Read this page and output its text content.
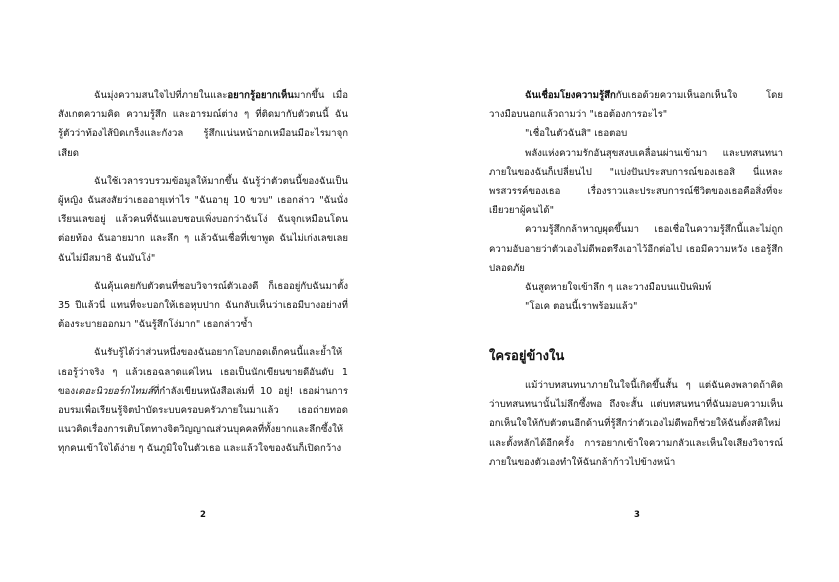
ฉันมุ่งความสนใจไปที่ภายในและอยากรู้อยากเห็นมากขึ้น เมื่อสังเกตความคิด ความรู้สึก และอารมณ์ต่าง ๆ ที่ติดมากับตัวตนนี้ ฉันรู้ตัวว่าท้องไส้บิดเกร็งและกังวล รู้สึกแน่นหน้าอกเหมือนมีอะไรมาจุกเสียด

ฉันใช้เวลารวบรวมข้อมูลให้มากขึ้น ฉันรู้ว่าตัวตนนี้ของฉันเป็นผู้หญิง ฉันสงสัยว่าเธออายุเท่าไร "ฉันอายุ 10 ขวบ" เธอกล่าว "ฉันนั่งเรียนเลขอยู่ แล้วคนที่ฉันแอบชอบเพิ่งบอกว่าฉันโง่ ฉันจุกเหมือนโดนต่อยท้อง ฉันอายมาก และลึก ๆ แล้วฉันเชื่อที่เขาพูด ฉันไม่เก่งเลขเลย ฉันไม่มีสมาธิ ฉันมันโง่"

ฉันคุ้นเคยกับตัวตนที่ชอบวิจารณ์ตัวเองดี ก็เธออยู่กับฉันมาตั้ง 35 ปีแล้วนี่ แทนที่จะบอกให้เธอหุบปาก ฉันกลับเห็นว่าเธอมีบางอย่างที่ต้องระบายออกมา "ฉันรู้สึกโง่มาก" เธอกล่าวซ้ำ

ฉันรับรู้ได้ว่าส่วนหนึ่งของฉันอยากโอบกอดเด็กคนนี้และย้ำให้เธอรู้ว่าจริง ๆ แล้วเธอฉลาดแค่ไหน เธอเป็นนักเขียนขายดีอันดับ 1 ของเดอะนิวยอร์กไทมส์ที่กำลังเขียนหนังสือเล่มที่ 10 อยู่! เธอผ่านการอบรมเพื่อเรียนรู้จิตบำบัดระบบครอบครัวภายในมาแล้ว เธอถ่ายทอดแนวคิดเรื่องการเติบโตทางจิตวิญญาณส่วนบุคคลที่ทั้งยากและลึกซึ้งให้ทุกคนเข้าใจได้ง่าย ๆ ฉันภูมิใจในตัวเธอ และแล้วใจของฉันก็เปิดกว้าง

2

ฉันเชื่อมโยงความรู้สึกกับเธอด้วยความเห็นอกเห็นใจ โดยวางมือบนอกแล้วถามว่า "เธอต้องการอะไร"

"เชื่อในตัวฉันสิ" เธอตอบ

พลังแห่งความรักอันสุขสงบเคลื่อนผ่านเข้ามา และบทสนทนาภายในของฉันก็เปลี่ยนไป "แบ่งปันประสบการณ์ของเธอสิ นี่แหละพรสวรรค์ของเธอ เรื่องราวและประสบการณ์ชีวิตของเธอคือสิ่งที่จะเยียวยาผู้คนได้"

ความรู้สึกกล้าหาญผุดขึ้นมา เธอเชื่อในความรู้สึกนี้และไม่ถูกความอับอายว่าตัวเองไม่ดีพอตรึงเอาไว้อีกต่อไป เธอมีความหวัง เธอรู้สึกปลอดภัย

ฉันสูดหายใจเข้าลึก ๆ และวางมือบนแป้นพิมพ์

"โอเค ตอนนี้เราพร้อมแล้ว"

ใครอยู่ข้างใน

แม้ว่าบทสนทนาภายในใจนี้เกิดขึ้นสั้น ๆ แต่ฉันคงพลาดถ้าคิดว่าบทสนทนานั้นไม่ลึกซึ้งพอ ถึงจะสั้น แต่บทสนทนาที่ฉันมอบความเห็นอกเห็นใจให้กับตัวตนอีกด้านที่รู้สึกว่าตัวเองไม่ดีพอก็ช่วยให้ฉันตั้งสติใหม่และตั้งหลักได้อีกครั้ง การอยากเข้าใจความกลัวและเห็นใจเสียงวิจารณ์ภายในของตัวเองทำให้ฉันกล้าก้าวไปข้างหน้า

3
